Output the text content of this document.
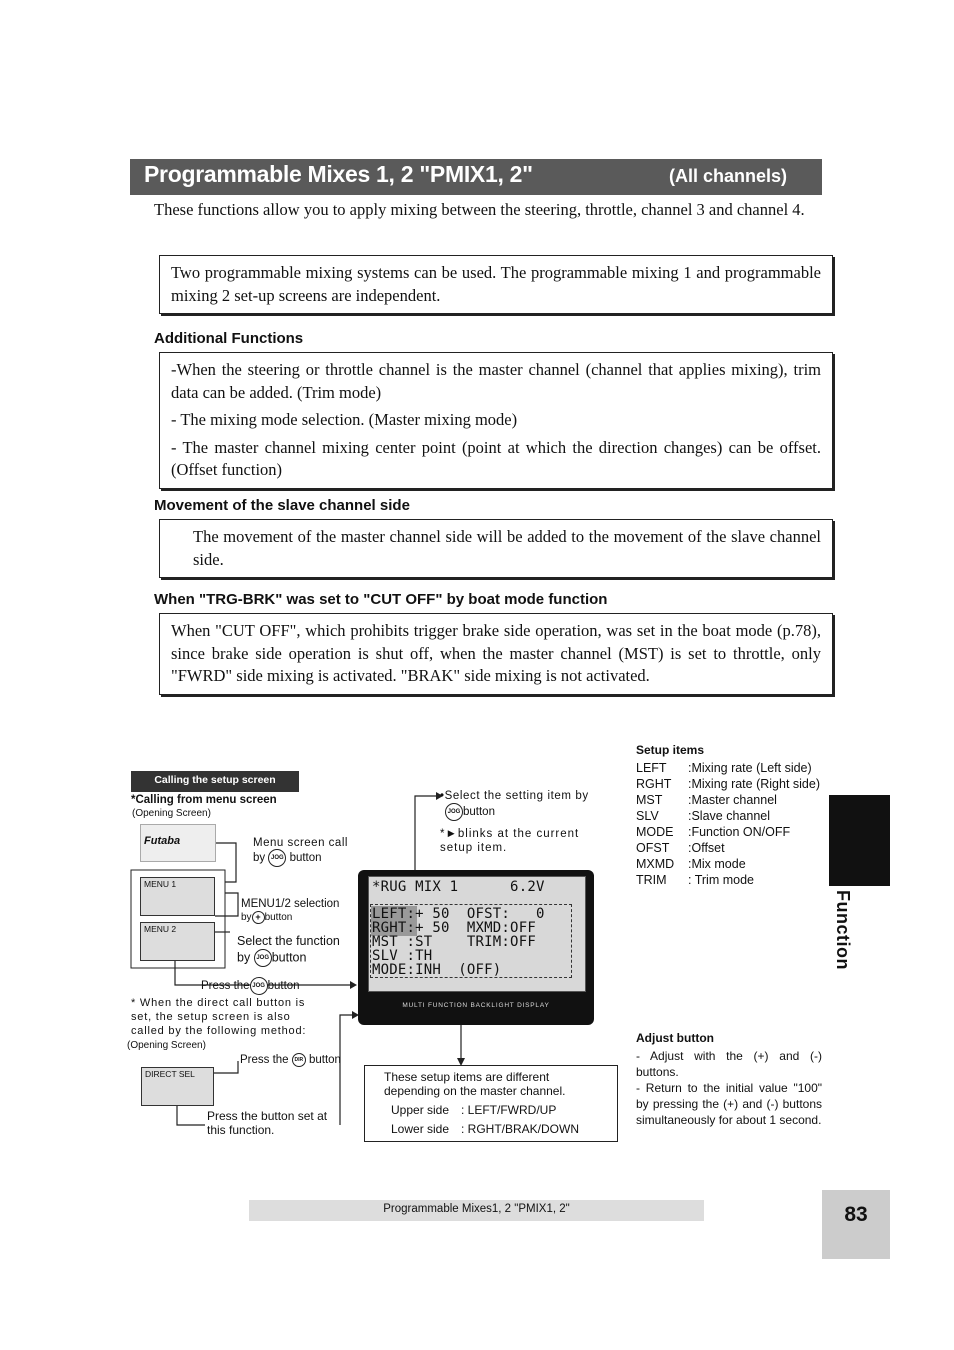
Programmable Mixes 1, 2 "PMIX1, 2"	(All channels)
These functions allow you to apply mixing between the steering, throttle, channel 3 and channel 4.

Two programmable mixing systems can be used. The programmable mixing 1 and programmable mixing 2 set-up screens are independent.

Additional Functions

-When the steering or throttle channel is the master channel (channel that applies mixing), trim data can be added. (Trim mode)

- The mixing mode selection. (Master mixing mode)

- The master channel mixing center point (point at which the direction changes) can be offset. (Offset function)

Movement of the slave channel side

The movement of the master channel side will be added to the movement of the slave channel side.

When "TRG-BRK" was set to "CUT OFF" by boat mode function

When "CUT OFF", which prohibits trigger brake side operation, was set in the boat mode (p.78), since brake side operation is shut off, when the master channel (MST) is set to throttle, only "FWRD" side mixing is activated. "BRAK" side mixing is not activated.

Calling the setup screen
*Calling from menu screen
(Opening Screen)
Futaba	Menu screen call
by JOG button
MENU 1
MENU 2
MENU1/2 selection
by + button
Select the function
by JOG button
Press the JOG button
* When the direct call button is set, the setup screen is also called by the following method:
(Opening Screen)
Press the DIR button
DIRECT SEL
Press the button set at this function.
•Select the setting item by
JOG button
*►blinks at the current setup item.
*RUG MIX 1      6.2V
LEFT:+ 50  OFST:   0
RGHT:+ 50  MXMD:OFF
MST :ST    TRIM:OFF
SLV :TH
MODE:INH  (OFF)
MULTI FUNCTION BACKLIGHT DISPLAY
These setup items are different depending on the master channel.
Upper side : LEFT/FWRD/UP
Lower side : RGHT/BRAK/DOWN
Setup items
LEFT	:Mixing rate (Left side)
RGHT	:Mixing rate (Right side)
MST	:Master channel
SLV	:Slave channel
MODE	:Function ON/OFF
OFST	:Offset
MXMD	:Mix mode
TRIM	: Trim mode
Adjust button
- Adjust with the (+) and (-) buttons.
- Return to the initial value "100" by pressing the (+) and (-) buttons simultaneously for about 1 second.
Function
Programmable Mixes1, 2 "PMIX1, 2"	83
